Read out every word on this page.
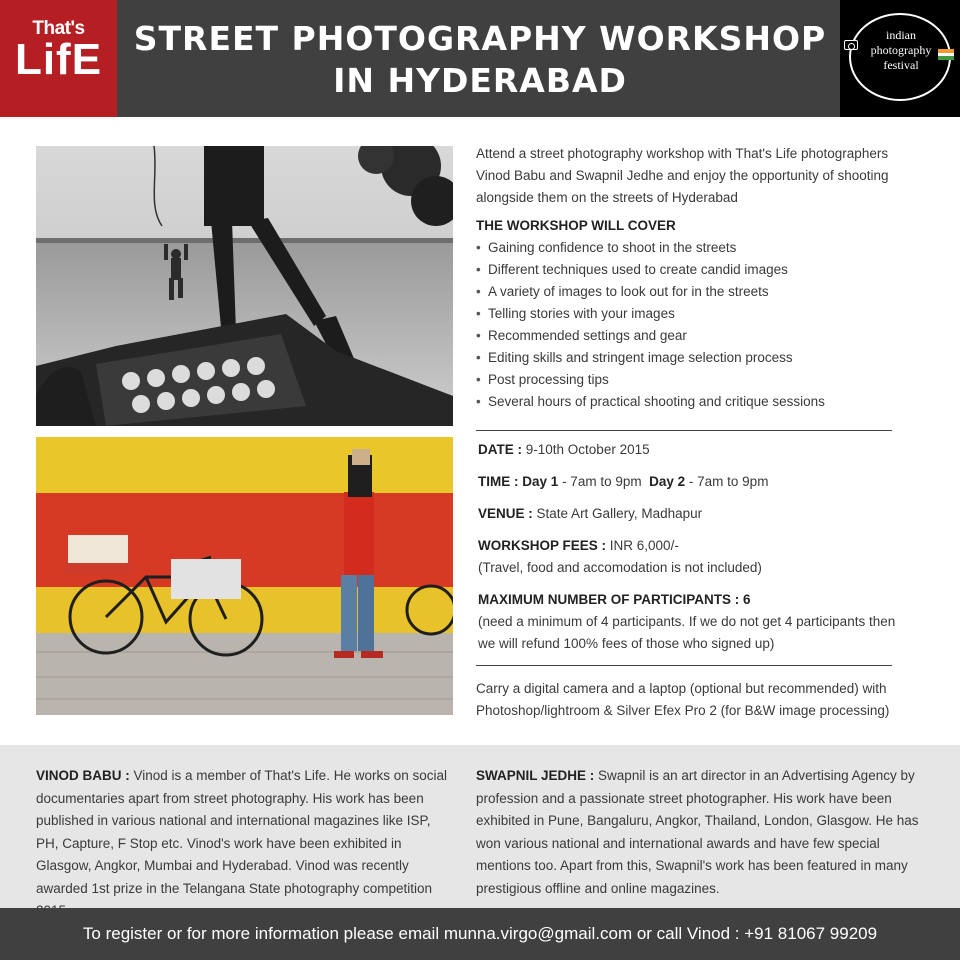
That's
LifE STREET PHOTOGRAPHY WORKSHOP
IN HYDERABAD
indian
photography
festival

Attend a street photography workshop with That's Life photographers Vinod Babu and Swapnil Jedhe and enjoy the opportunity of shooting alongside them on the streets of Hyderabad

THE WORKSHOP WILL COVER
• Gaining confidence to shoot in the streets
• Different techniques used to create candid images
• A variety of images to look out for in the streets
• Telling stories with your images
• Recommended settings and gear
• Editing skills and stringent image selection process
• Post processing tips
• Several hours of practical shooting and critique sessions
DATE : 9-10th October 2015
TIME : Day 1 - 7am to 9pm Day 2 - 7am to 9pm
VENUE : State Art Gallery, Madhapur
WORKSHOP FEES : INR 6,000/-
(Travel, food and accomodation is not included)
MAXIMUM NUMBER OF PARTICIPANTS : 6
(need a minimum of 4 participants. If we do not get 4 participants then we will refund 100% fees of those who signed up)

Carry a digital camera and a laptop (optional but recommended) with Photoshop/lightroom & Silver Efex Pro 2 (for B&W image processing)

VINOD BABU : Vinod is a member of That's Life. He works on social documentaries apart from street photography. His work has been published in various national and international magazines like ISP, PH, Capture, F Stop etc. Vinod's work have been exhibited in Glasgow, Angkor, Mumbai and Hyderabad. Vinod was recently awarded 1st prize in the Telangana State photography competition

SWAPNIL JEDHE : Swapnil is an art director in an Advertising Agency by profession and a passionate street photographer. His work have been exhibited in Pune, Bangaluru, Angkor, Thailand, London, Glasgow. He has won various national and international awards and have few special mentions too. Apart from this, Swapnil's work has been featured in many prestigious offline and online magazines.

To register or for more information please email munna.virgo@gmail.com or call Vinod : +91 81067 99209
